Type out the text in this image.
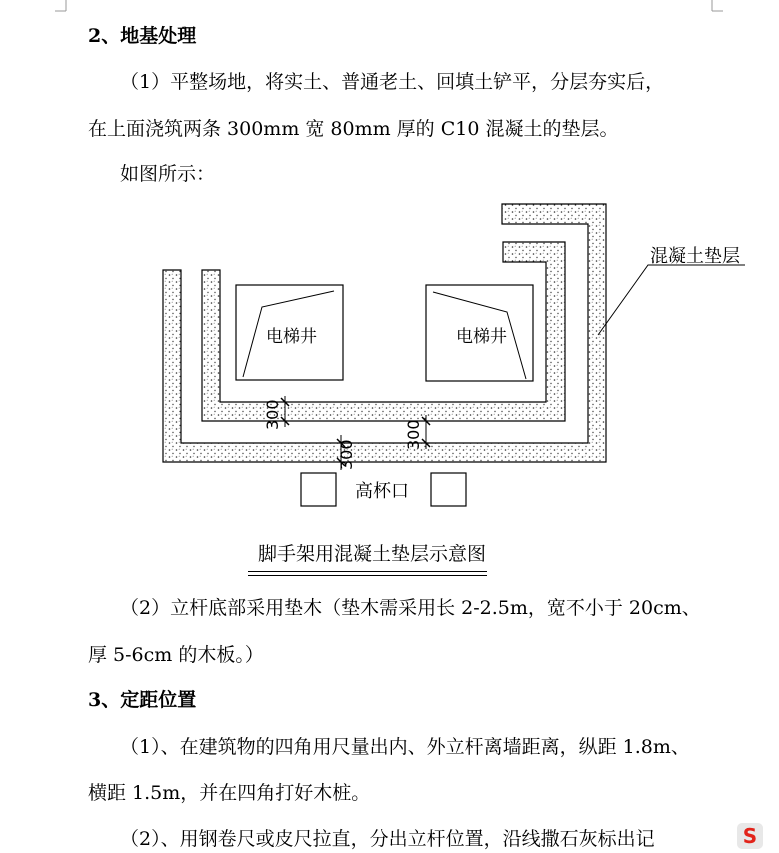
2、地基处理

（1）平整场地，将实土、普通老土、回填土铲平，分层夯实后，

在上面浇筑两条 300mm 宽 80mm 厚的 C10 混凝土的垫层。

如图所示：

电梯井	电梯井
混凝土垫层
300
300
300
高杯口
脚手架用混凝土垫层示意图

（2）立杆底部采用垫木（垫木需采用长 2-2.5m，宽不小于 20cm、

厚 5-6cm 的木板。）

3、定距位置

（1）、在建筑物的四角用尺量出内、外立杆离墙距离，纵距 1.8m、

横距 1.5m，并在四角打好木桩。

（2）、用钢卷尺或皮尺拉直，分出立杆位置，沿线撒石灰标出记	S
